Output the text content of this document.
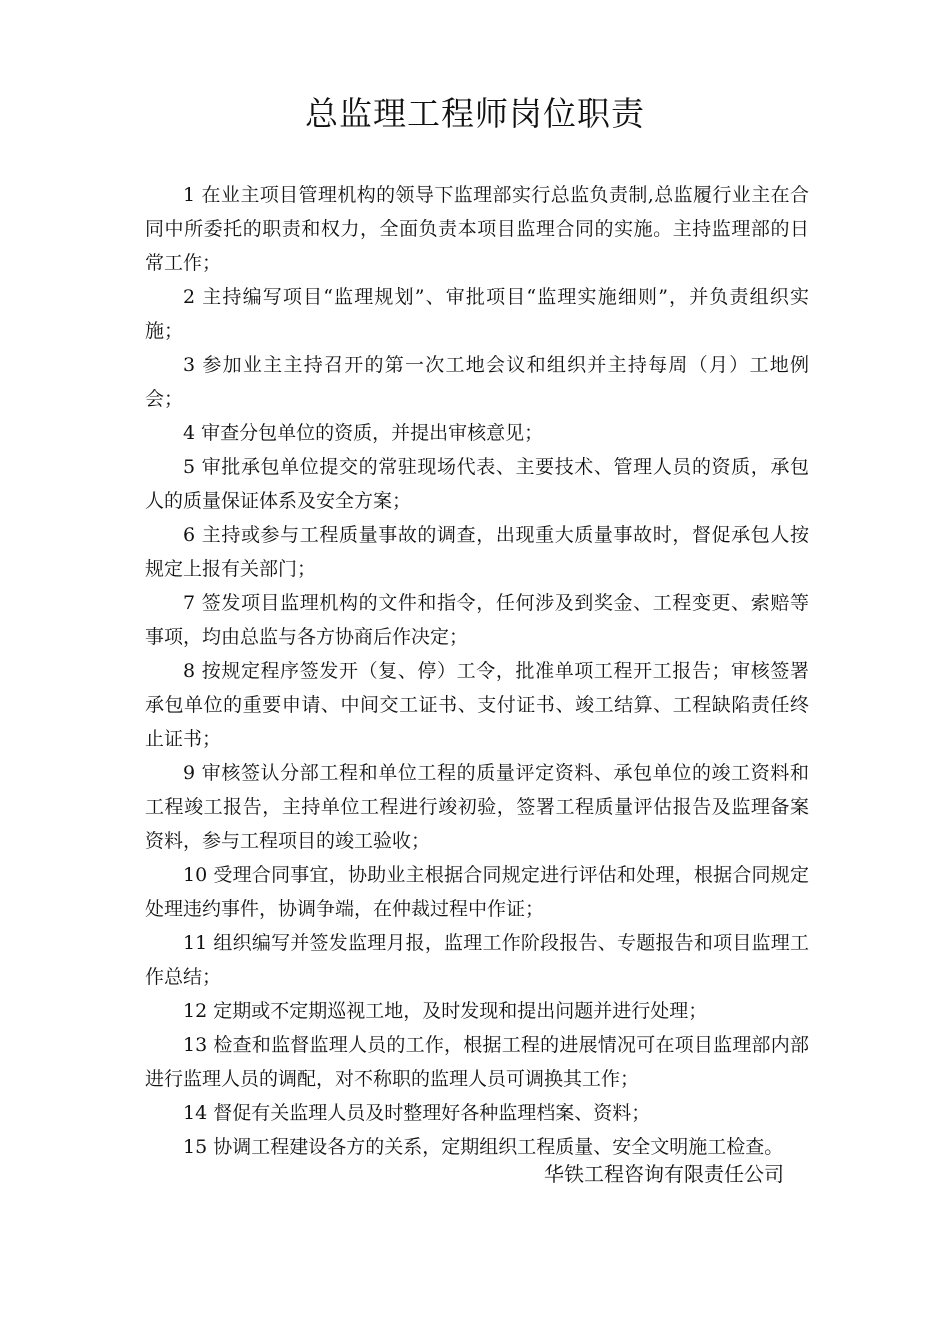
总监理工程师岗位职责

1 在业主项目管理机构的领导下监理部实行总监负责制,总监履行业主在合同中所委托的职责和权力，全面负责本项目监理合同的实施。主持监理部的日常工作；

2 主持编写项目“监理规划”、审批项目“监理实施细则”，并负责组织实施；

3 参加业主主持召开的第一次工地会议和组织并主持每周（月）工地例会；

4 审查分包单位的资质，并提出审核意见；

5 审批承包单位提交的常驻现场代表、主要技术、管理人员的资质，承包人的质量保证体系及安全方案；

6 主持或参与工程质量事故的调查，出现重大质量事故时，督促承包人按规定上报有关部门；

7 签发项目监理机构的文件和指令，任何涉及到奖金、工程变更、索赔等事项，均由总监与各方协商后作决定；

8 按规定程序签发开（复、停）工令，批准单项工程开工报告；审核签署承包单位的重要申请、中间交工证书、支付证书、竣工结算、工程缺陷责任终止证书；

9 审核签认分部工程和单位工程的质量评定资料、承包单位的竣工资料和工程竣工报告，主持单位工程进行竣初验，签署工程质量评估报告及监理备案资料，参与工程项目的竣工验收；

10 受理合同事宜，协助业主根据合同规定进行评估和处理，根据合同规定处理违约事件，协调争端，在仲裁过程中作证；

11 组织编写并签发监理月报，监理工作阶段报告、专题报告和项目监理工作总结；

12 定期或不定期巡视工地，及时发现和提出问题并进行处理；

13 检查和监督监理人员的工作，根据工程的进展情况可在项目监理部内部进行监理人员的调配，对不称职的监理人员可调换其工作；

14 督促有关监理人员及时整理好各种监理档案、资料；

15 协调工程建设各方的关系，定期组织工程质量、安全文明施工检查。

华铁工程咨询有限责任公司
